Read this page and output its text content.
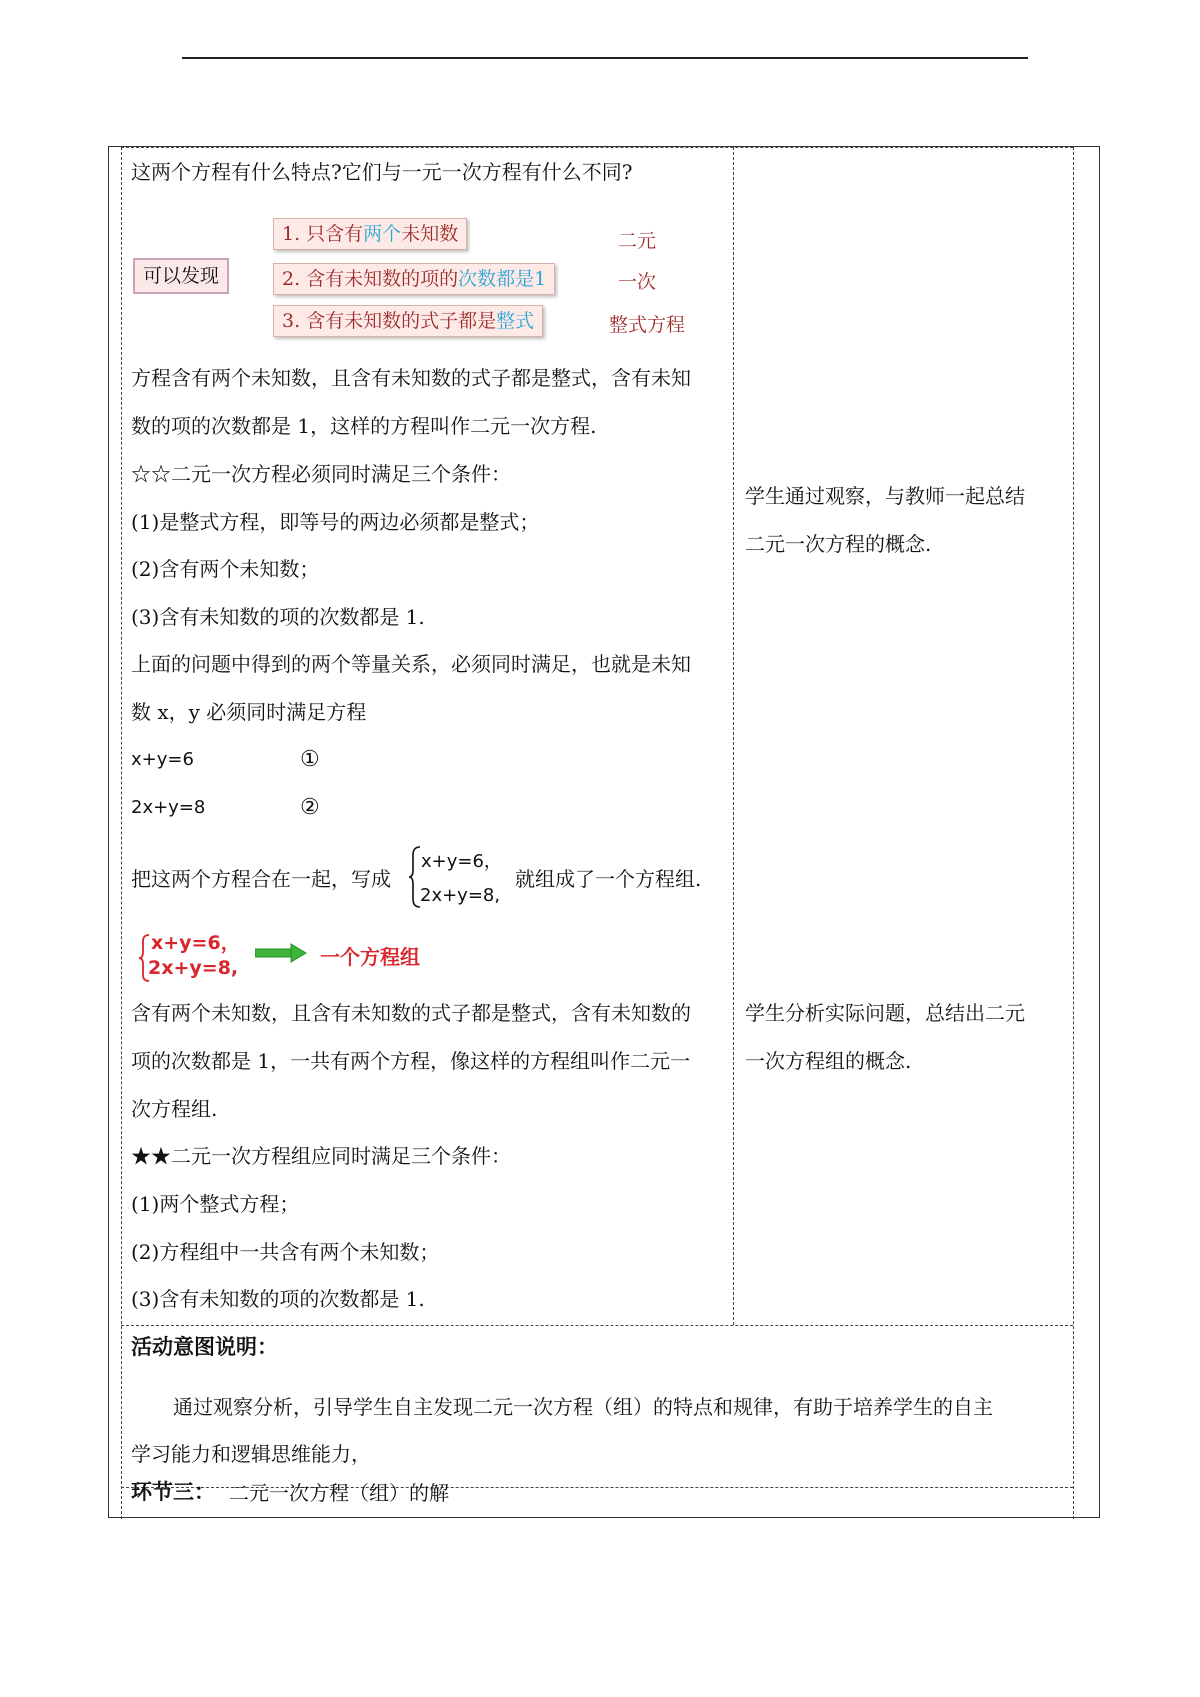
这两个方程有什么特点?它们与一元一次方程有什么不同?
可以发现
1. 只含有两个未知数
2. 含有未知数的项的次数都是1
3. 含有未知数的式子都是整式
二元
一次
整式方程
方程含有两个未知数，且含有未知数的式子都是整式，含有未知
数的项的次数都是 1，这样的方程叫作二元一次方程.
☆☆二元一次方程必须同时满足三个条件：
(1)是整式方程，即等号的两边必须都是整式；
(2)含有两个未知数；
(3)含有未知数的项的次数都是 1.
上面的问题中得到的两个等量关系，必须同时满足，也就是未知
数 x，y 必须同时满足方程
x+y=6	①
2x+y=8	②
把这两个方程合在一起，写成
x+y=6，
2x+y=8,
就组成了一个方程组.
x+y=6，
2x+y=8,	一个方程组
含有两个未知数，且含有未知数的式子都是整式，含有未知数的
项的次数都是 1，一共有两个方程，像这样的方程组叫作二元一
次方程组.
★★二元一次方程组应同时满足三个条件：
(1)两个整式方程；
(2)方程组中一共含有两个未知数；
(3)含有未知数的项的次数都是 1.
学生通过观察，与教师一起总结
二元一次方程的概念.
学生分析实际问题，总结出二元
一次方程组的概念.
活动意图说明：
通过观察分析，引导学生自主发现二元一次方程（组）的特点和规律，有助于培养学生的自主
学习能力和逻辑思维能力，
环节三： 二元一次方程（组）的解
